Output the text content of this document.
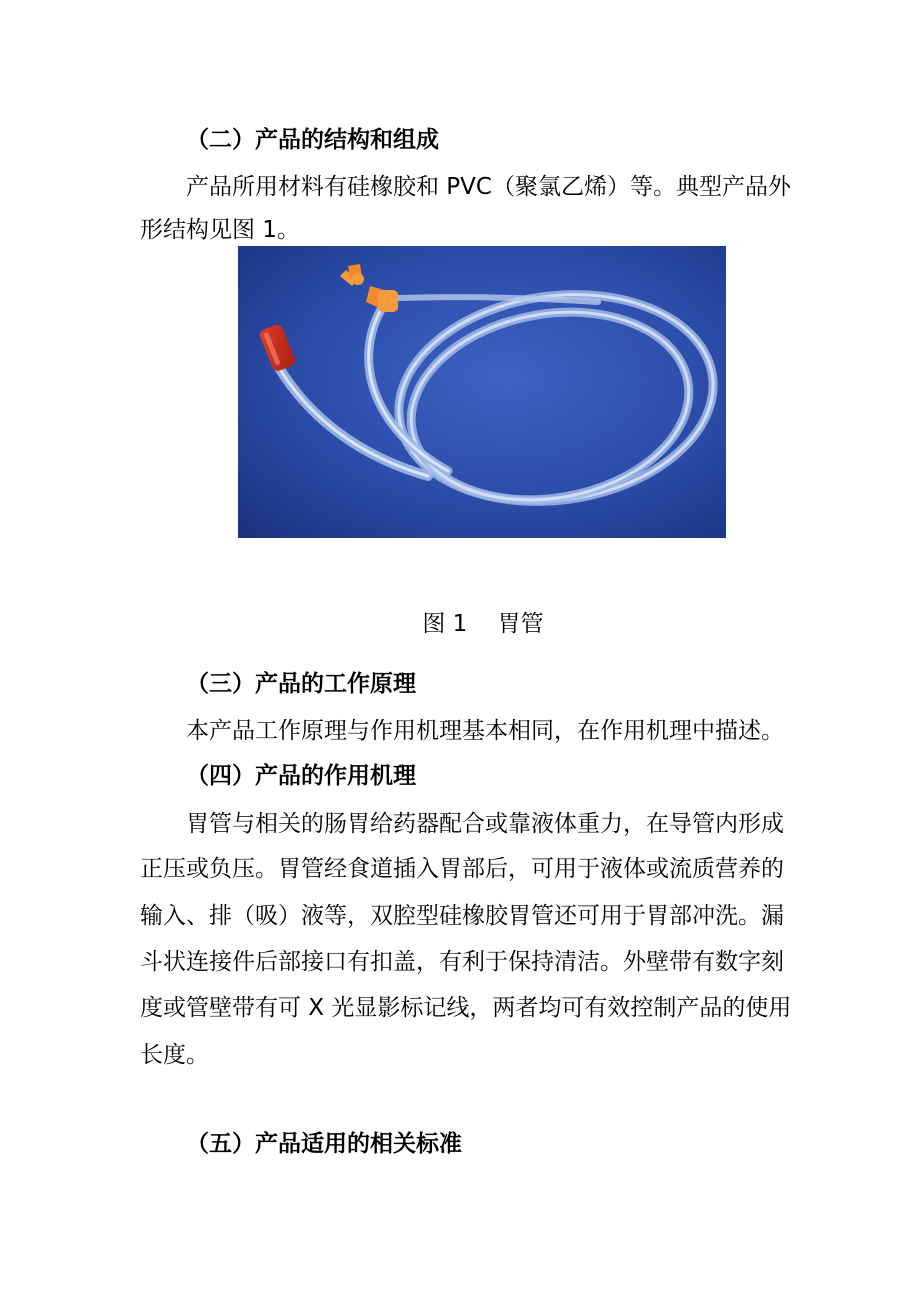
（二）产品的结构和组成
产品所用材料有硅橡胶和 PVC（聚氯乙烯）等。典型产品外
形结构见图 1。
图 1　 胃管
（三）产品的工作原理
本产品工作原理与作用机理基本相同，在作用机理中描述。
（四）产品的作用机理
胃管与相关的肠胃给药器配合或靠液体重力，在导管内形成
正压或负压。胃管经食道插入胃部后，可用于液体或流质营养的
输入、排（吸）液等，双腔型硅橡胶胃管还可用于胃部冲洗。漏
斗状连接件后部接口有扣盖，有利于保持清洁。外壁带有数字刻
度或管壁带有可 X 光显影标记线，两者均可有效控制产品的使用
长度。
（五）产品适用的相关标准
